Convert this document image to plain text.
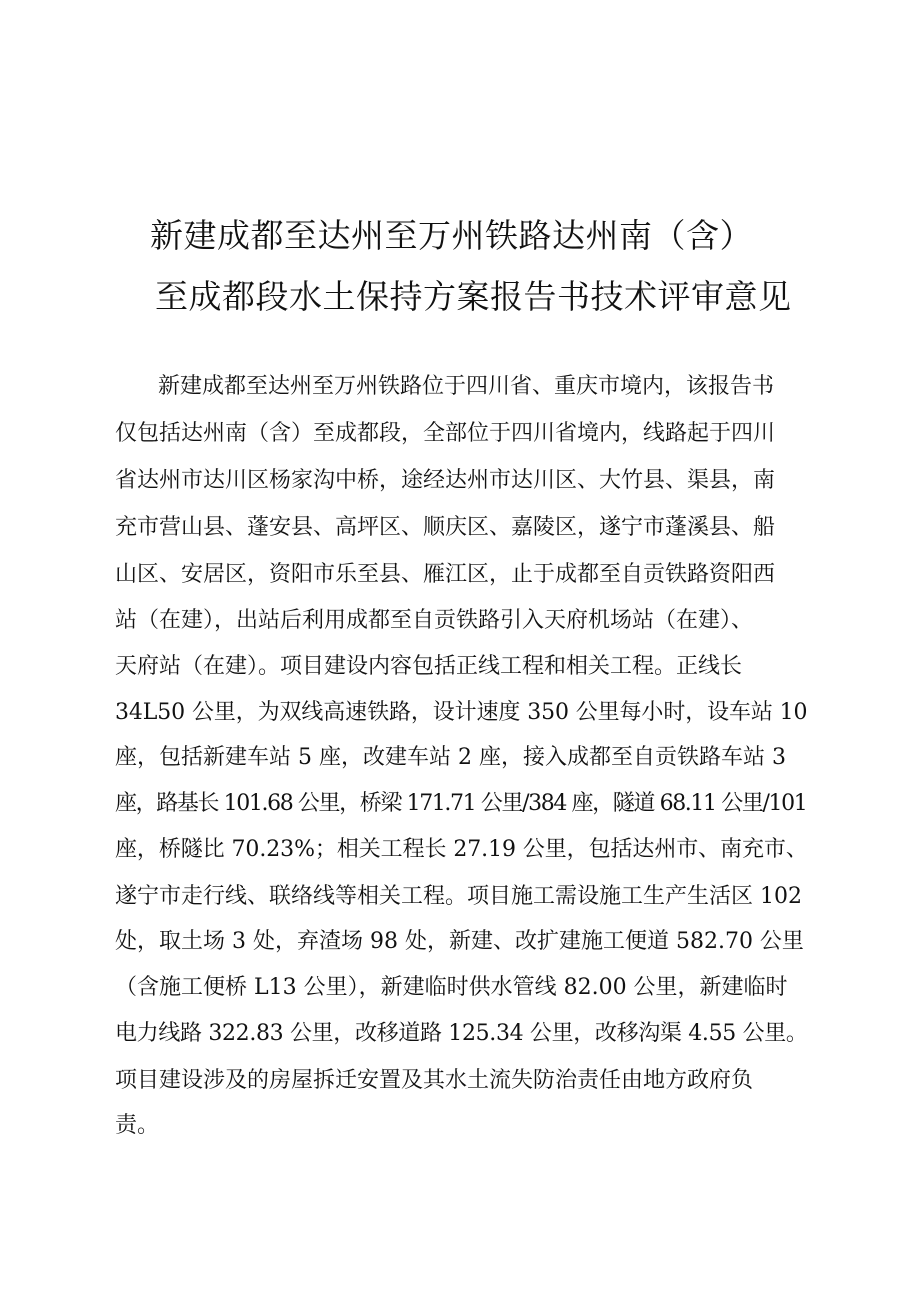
新建成都至达州至万州铁路达州南（含）
至成都段水土保持方案报告书技术评审意见
新建成都至达州至万州铁路位于四川省、重庆市境内，该报告书
仅包括达州南（含）至成都段，全部位于四川省境内，线路起于四川
省达州市达川区杨家沟中桥，途经达州市达川区、大竹县、渠县，南
充市营山县、蓬安县、高坪区、顺庆区、嘉陵区，遂宁市蓬溪县、船
山区、安居区，资阳市乐至县、雁江区，止于成都至自贡铁路资阳西
站（在建），出站后利用成都至自贡铁路引入天府机场站（在建）、
天府站（在建）。项目建设内容包括正线工程和相关工程。正线长
34L50 公里，为双线高速铁路，设计速度 350 公里每小时，设车站 10
座，包括新建车站 5 座，改建车站 2 座，接入成都至自贡铁路车站 3
座，路基长 101.68 公里，桥梁 171.71 公里/384 座，隧道 68.11 公里/101
座，桥隧比 70.23%；相关工程长 27.19 公里，包括达州市、南充市、
遂宁市走行线、联络线等相关工程。项目施工需设施工生产生活区 102
处，取土场 3 处，弃渣场 98 处，新建、改扩建施工便道 582.70 公里
（含施工便桥 L13 公里），新建临时供水管线 82.00 公里，新建临时
电力线路 322.83 公里，改移道路 125.34 公里，改移沟渠 4.55 公里。
项目建设涉及的房屋拆迁安置及其水土流失防治责任由地方政府负
责。
